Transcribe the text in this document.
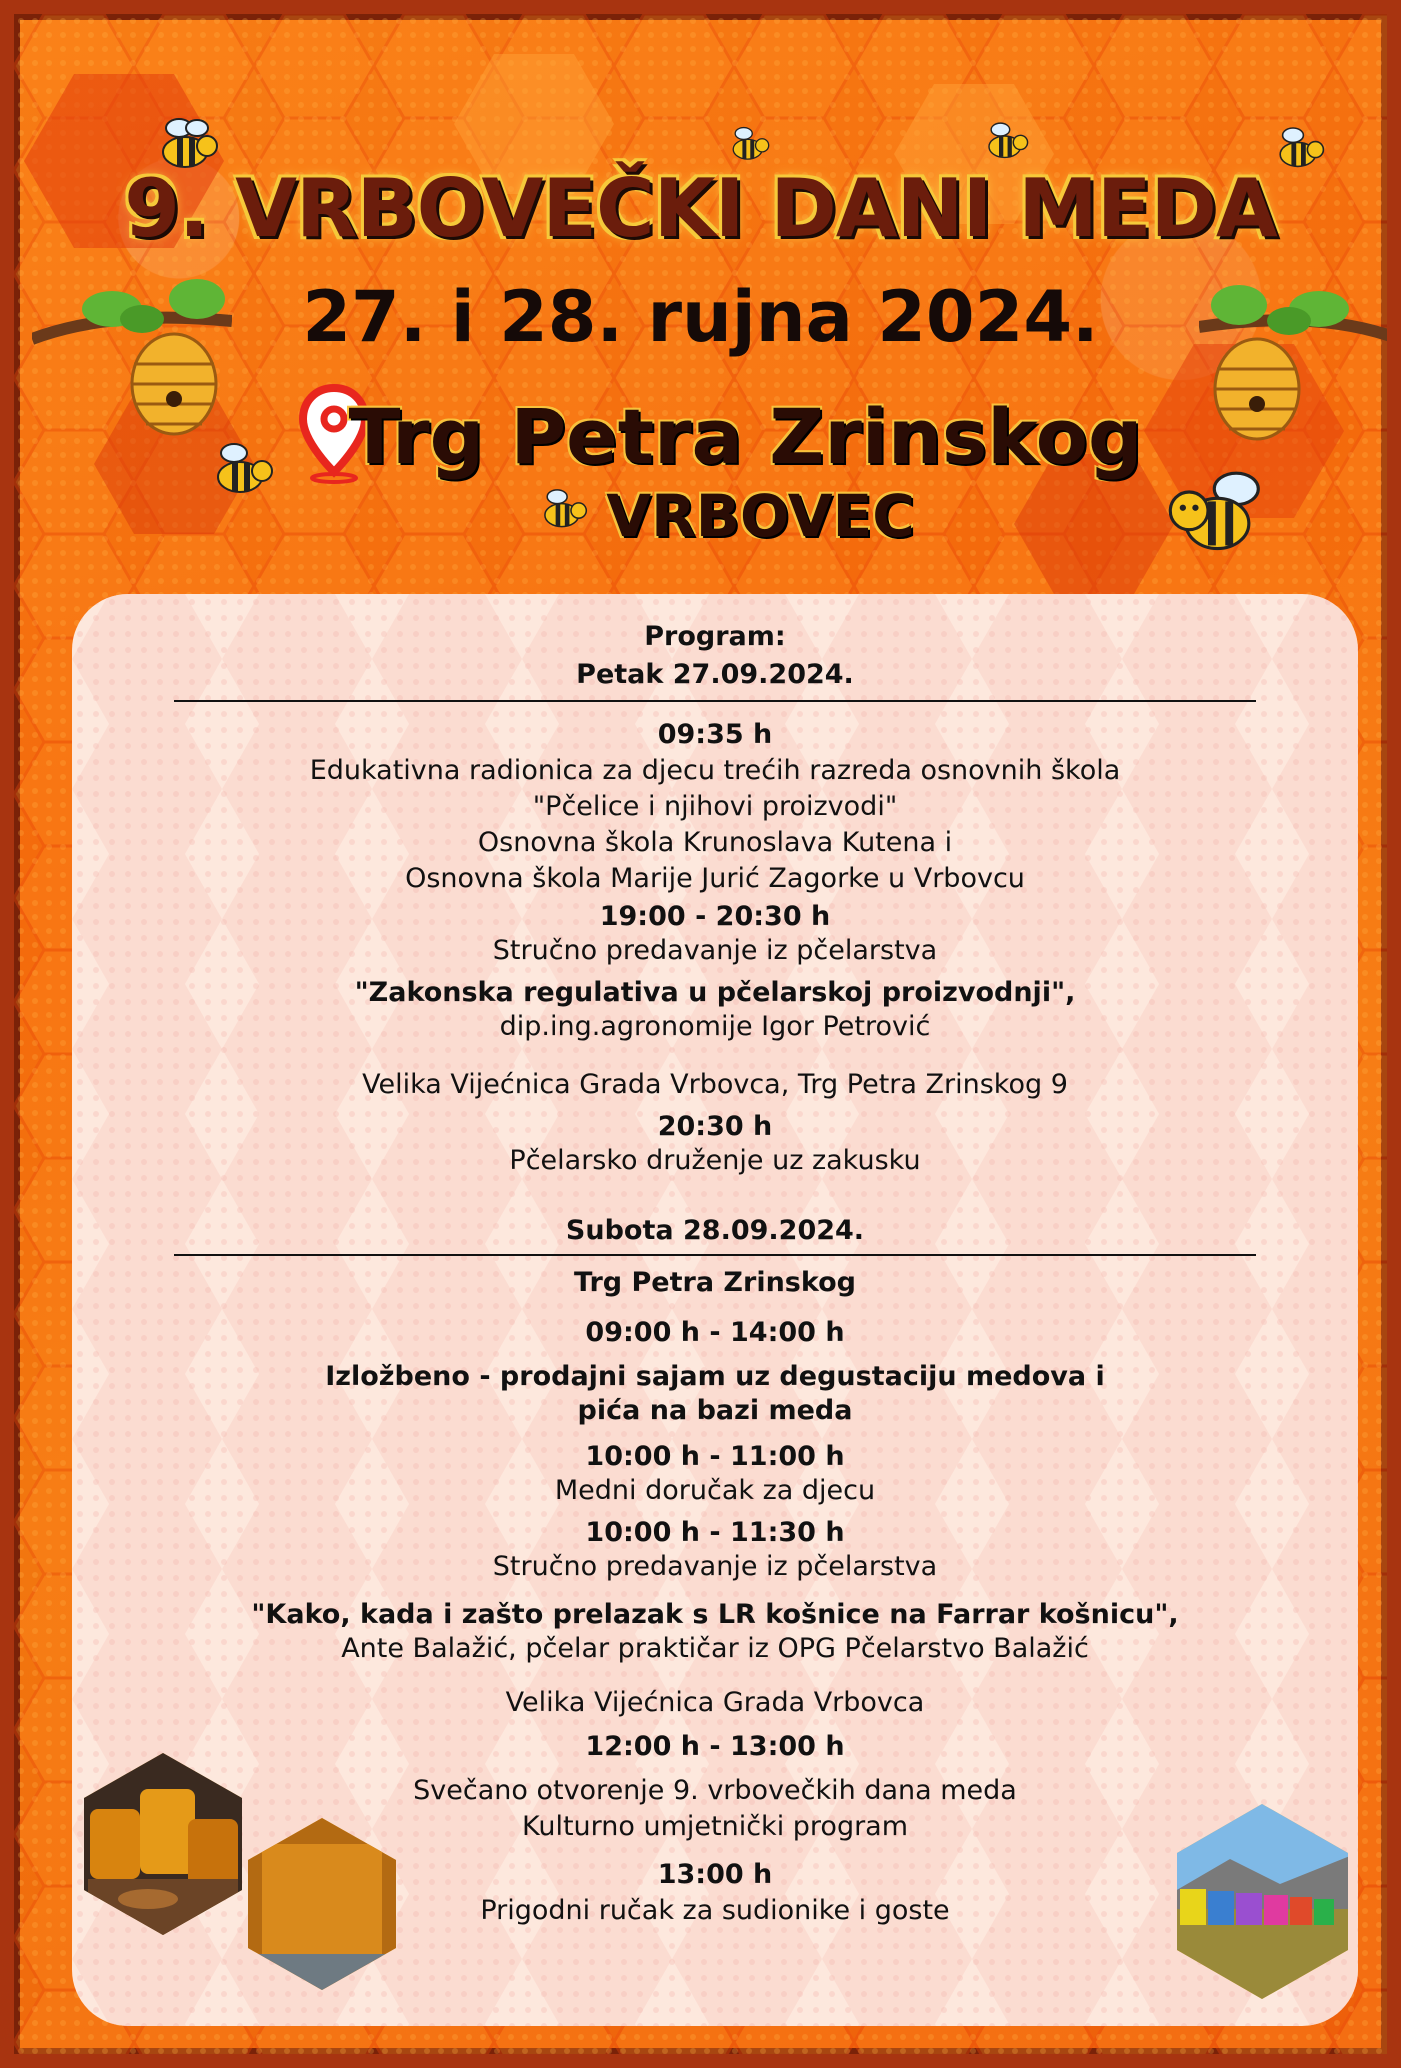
9. VRBOVEČKI DANI MEDA
27. i 28. rujna 2024.
Trg Petra Zrinskog
VRBOVEC
Program:
Petak 27.09.2024.
09:35 h
Edukativna radionica za djecu trećih razreda osnovnih škola
"Pčelice i njihovi proizvodi"
Osnovna škola Krunoslava Kutena i
Osnovna škola Marije Jurić Zagorke u Vrbovcu
19:00 - 20:30 h
Stručno predavanje iz pčelarstva
"Zakonska regulativa u pčelarskoj proizvodnji",
dip.ing.agronomije Igor Petrović
Velika Vijećnica Grada Vrbovca, Trg Petra Zrinskog 9
20:30 h
Pčelarsko druženje uz zakusku
Subota 28.09.2024.
Trg Petra Zrinskog
09:00 h - 14:00 h
Izložbeno - prodajni sajam uz degustaciju medova i
pića na bazi meda
10:00 h - 11:00 h
Medni doručak za djecu
10:00 h - 11:30 h
Stručno predavanje iz pčelarstva
"Kako, kada i zašto prelazak s LR košnice na Farrar košnicu",
Ante Balažić, pčelar praktičar iz OPG Pčelarstvo Balažić
Velika Vijećnica Grada Vrbovca
12:00 h - 13:00 h
Svečano otvorenje 9. vrbovečkih dana meda
Kulturno umjetnički program
13:00 h
Prigodni ručak za sudionike i goste
